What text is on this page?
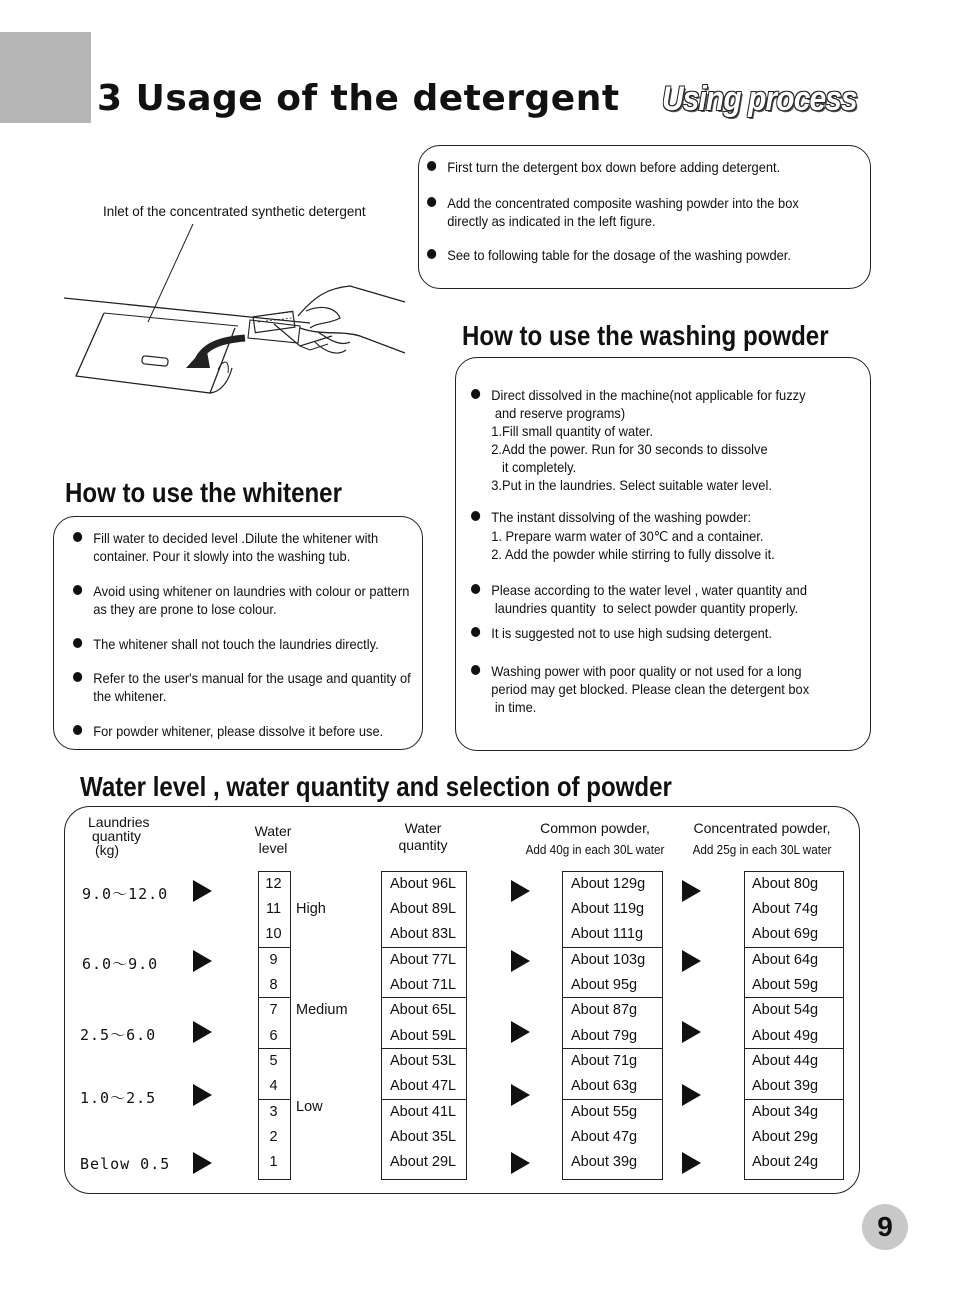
3 Usage of the detergent Using process
Inlet of the concentrated synthetic detergent
First turn the detergent box down before adding detergent.
Add the concentrated composite washing powder into the box directly as indicated in the left figure.
See to following table for the dosage of the washing powder.
How to use the washing powder
Direct dissolved in the machine(not applicable for fuzzy
and reserve programs)
1.Fill small quantity of water.
2.Add the power. Run for 30 seconds to dissolve
it completely.
3.Put in the laundries. Select suitable water level.
The instant dissolving of the washing powder:
1. Prepare warm water of 30℃ and a container.
2. Add the powder while stirring to fully dissolve it.
Please according to the water level , water quantity and
laundries quantity  to select powder quantity properly.
It is suggested not to use high sudsing detergent.
Washing power with poor quality or not used for a long
period may get blocked. Please clean the detergent box
in time.
How to use the whitener
Fill water to decided level .Dilute the whitener with container. Pour it slowly into the washing tub.
Avoid using whitener on laundries with colour or pattern as they are prone to lose colour.
The whitener shall not touch the laundries directly.
Refer to the user's manual for the usage and quantity of the whitener.
For powder whitener, please dissolve it before use.
Water level , water quantity and selection of powder
Laundries
quantity
(kg)
Water
level
Water
quantity
Common powder,
Add 40g in each 30L water
Concentrated powder,
Add 25g in each 30L water
9.0～12.0
6.0～9.0
2.5～6.0
1.0～2.5
Below 0.5
High
Medium
Low
12
11
10
9
8
7
6
5
4
3
2
1
About 96L
About 89L
About 83L
About 77L
About 71L
About 65L
About 59L
About 53L
About 47L
About 41L
About 35L
About 29L
About 129g
About 119g
About 111g
About 103g
About 95g
About 87g
About 79g
About 71g
About 63g
About 55g
About 47g
About 39g
About 80g
About 74g
About 69g
About 64g
About 59g
About 54g
About 49g
About 44g
About 39g
About 34g
About 29g
About 24g
9
